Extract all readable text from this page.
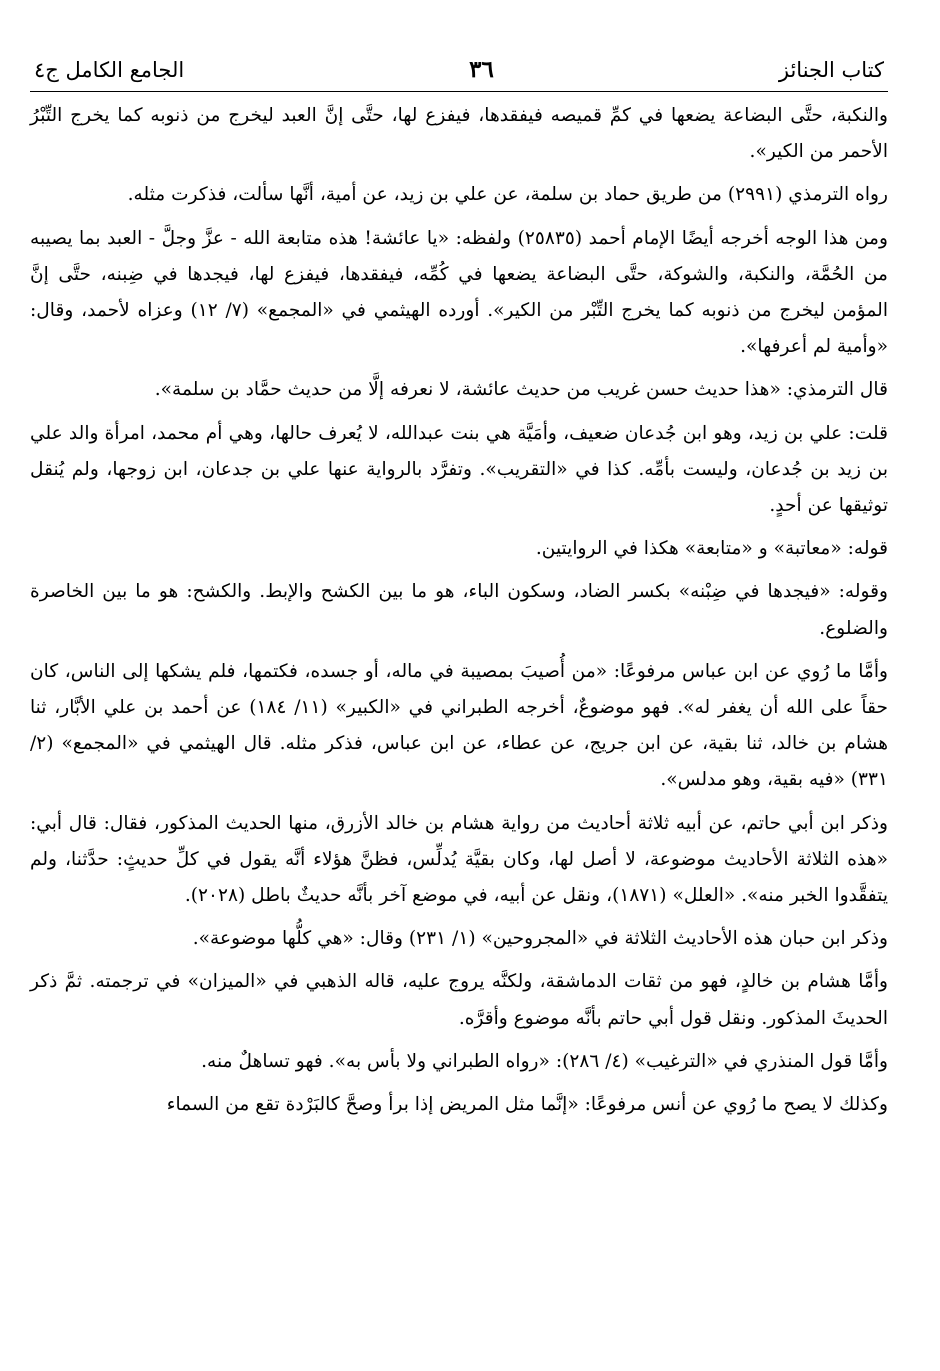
كتاب الجنائز
٣٦
الجامع الكامل ج٤

والنكبة، حتَّى البضاعة يضعها في كمِّ قميصه فيفقدها، فيفزع لها، حتَّى إنَّ العبد ليخرج من ذنوبه كما يخرج التِّبْرُ الأحمر من الكير».

رواه الترمذي (٢٩٩١) من طريق حماد بن سلمة، عن علي بن زيد، عن أمية، أنَّها سألت، فذكرت مثله.

ومن هذا الوجه أخرجه أيضًا الإمام أحمد (٢٥٨٣٥) ولفظه: «يا عائشة! هذه متابعة الله - عزَّ وجلَّ - العبد بما يصيبه من الحُمَّة، والنكبة، والشوكة، حتَّى البضاعة يضعها في كُمِّه، فيفقدها، فيفزع لها، فيجدها في ضِبنه، حتَّى إنَّ المؤمن ليخرج من ذنوبه كما يخرج التِّبْر من الكير». أورده الهيثمي في «المجمع» (٧/ ١٢) وعزاه لأحمد، وقال: «وأمية لم أعرفها».

قال الترمذي: «هذا حديث حسن غريب من حديث عائشة، لا نعرفه إلَّا من حديث حمَّاد بن سلمة».

قلت: علي بن زيد، وهو ابن جُدعان ضعيف، وأمَيَّة هي بنت عبدالله، لا يُعرف حالها، وهي أم محمد، امرأة والد علي بن زيد بن جُدعان، وليست بأمِّه. كذا في «التقريب». وتفرَّد بالرواية عنها علي بن جدعان، ابن زوجها، ولم يُنقل توثيقها عن أحدٍ.

قوله: «معاتبة» و «متابعة» هكذا في الروايتين.

وقوله: «فيجدها في ضِبْنه» بكسر الضاد، وسكون الباء، هو ما بين الكشح والإبط. والكشح: هو ما بين الخاصرة والضلوع.

وأمَّا ما رُوي عن ابن عباس مرفوعًا: «من أُصيبَ بمصيبة في ماله، أو جسده، فكتمها، فلم يشكها إلى الناس، كان حقاً على الله أن يغفر له». فهو موضوعٌ، أخرجه الطبراني في «الكبير» (١١/ ١٨٤) عن أحمد بن علي الأبَّار، ثنا هشام بن خالد، ثنا بقية، عن ابن جريج، عن عطاء، عن ابن عباس، فذكر مثله. قال الهيثمي في «المجمع» (٢/ ٣٣١) «فيه بقية، وهو مدلس».

وذكر ابن أبي حاتم، عن أبيه ثلاثة أحاديث من رواية هشام بن خالد الأزرق، منها الحديث المذكور، فقال: قال أبي: «هذه الثلاثة الأحاديث موضوعة، لا أصل لها، وكان بقيَّة يُدلِّس، فظنَّ هؤلاء أنَّه يقول في كلِّ حديثٍ: حدَّثنا، ولم يتفقَّدوا الخبر منه». «العلل» (١٨٧١)، ونقل عن أبيه، في موضع آخر بأنَّه حديثٌ باطل (٢٠٢٨).

وذكر ابن حبان هذه الأحاديث الثلاثة في «المجروحين» (١/ ٢٣١) وقال: «هي كلُّها موضوعة».

وأمَّا هشام بن خالدٍ، فهو من ثقات الدماشقة، ولكنَّه يروج عليه، قاله الذهبي في «الميزان» في ترجمته. ثمَّ ذكر الحديثَ المذكور. ونقل قول أبي حاتم بأنَّه موضوع وأقرَّه.

وأمَّا قول المنذري في «الترغيب» (٤/ ٢٨٦): «رواه الطبراني ولا بأس به». فهو تساهلٌ منه.

وكذلك لا يصح ما رُوي عن أنس مرفوعًا: «إنَّما مثل المريض إذا برأ وصحَّ كالبَرْدة تقع من السماء
